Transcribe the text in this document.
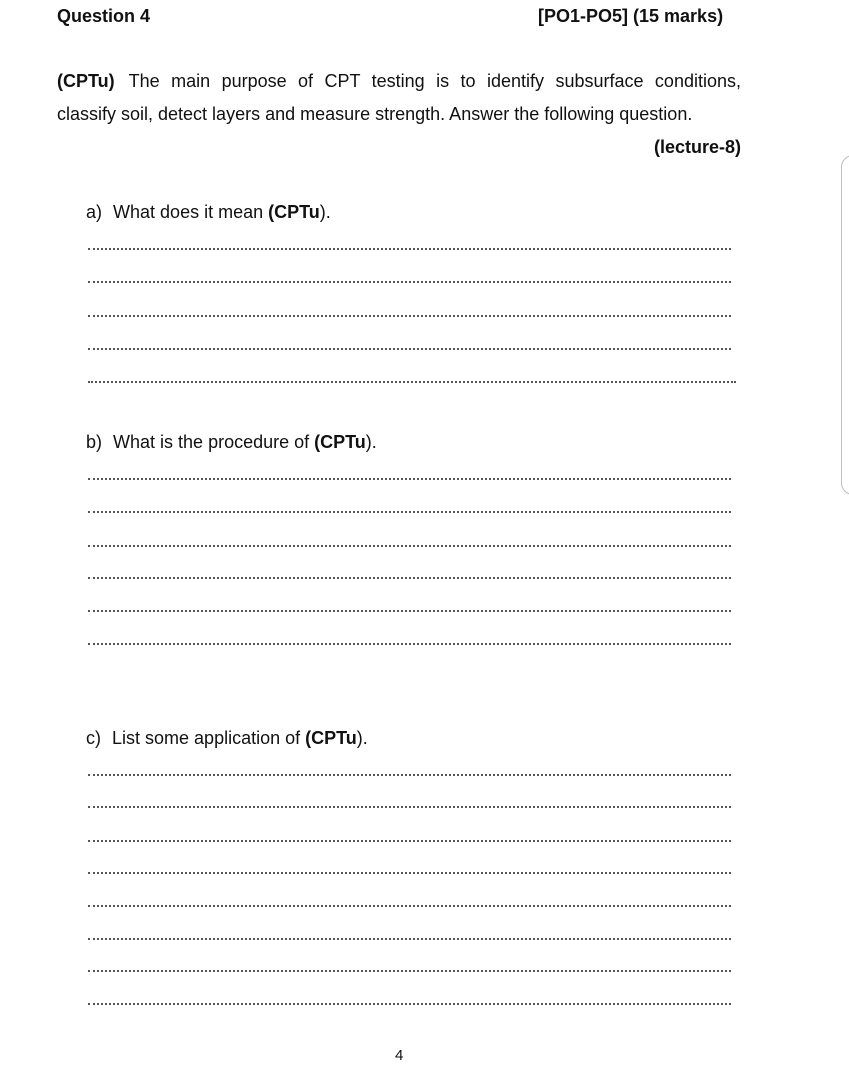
Question 4	[PO1-PO5] (15 marks)
(CPTu) The main purpose of CPT testing is to identify subsurface conditions,
classify soil, detect layers and measure strength. Answer the following question.
(lecture-8)
a) What does it mean (CPTu).
b) What is the procedure of (CPTu).
c) List some application of (CPTu).
4
